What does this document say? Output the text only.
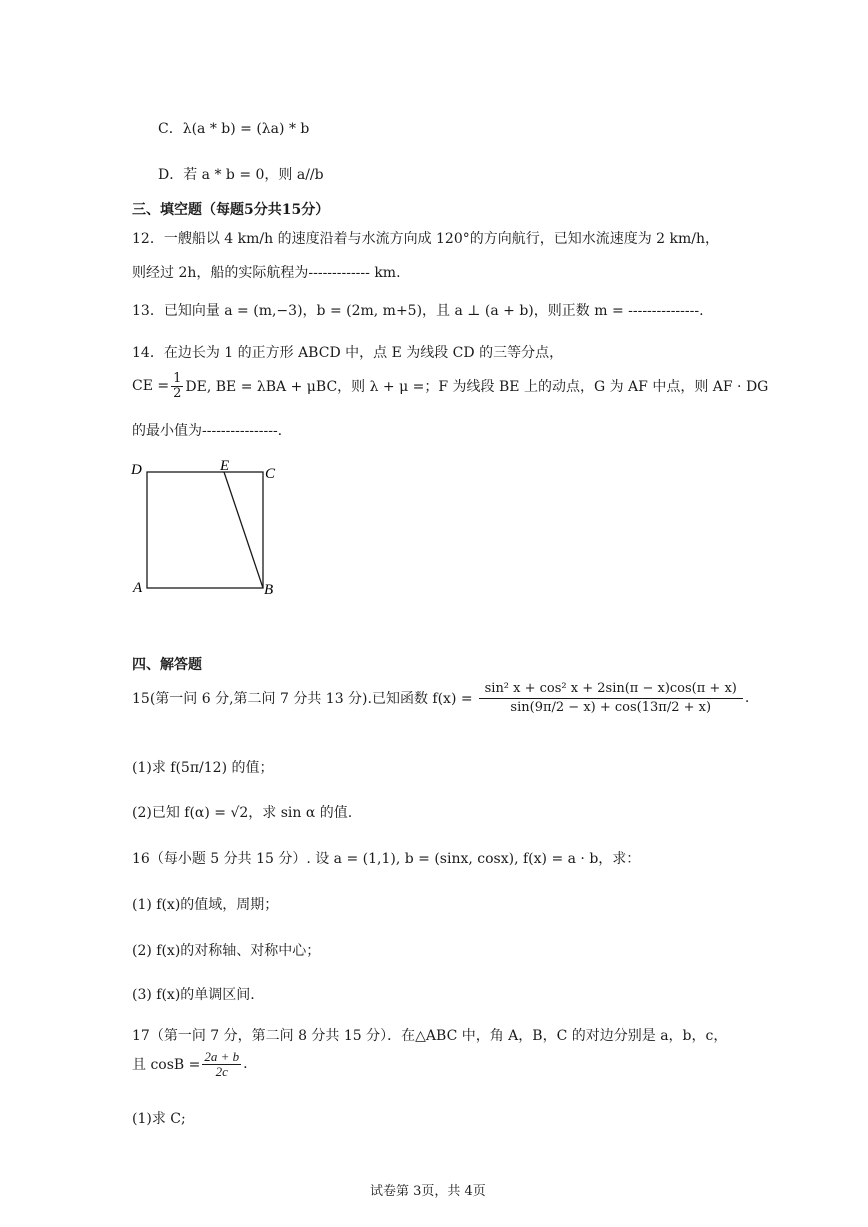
C．λ(a * b) = (λa) * b
D．若 a * b = 0，则 a//b
三、填空题（每题5分共15分）
12．一艘船以 4 km/h 的速度沿着与水流方向成 120°的方向航行，已知水流速度为 2 km/h，
则经过 2h，船的实际航程为------------- km.
13．已知向量 a = (m,−3)，b = (2m, m+5)，且 a ⊥ (a + b)，则正数 m = ---------------.
14．在边长为 1 的正方形 ABCD 中，点 E 为线段 CD 的三等分点，
CE = $\frac{1}{2}$ DE, BE = λBA + μBC，则 λ + μ =；F 为线段 BE 上的动点，G 为 AF 中点，则 AF · DG
的最小值为----------------.
D	E C
A	B
四、解答题
15(第一问 6 分,第二问 7 分共 13 分).已知函数 $f(x) = \frac{\text{sin² x + cos² x + 2sin(π − x)cos(π + x)}}{\sin(9\pi/2 - x) + \cos(13\pi/2 + x)}$ .
(1)求 f(5π/12) 的值；
(2)已知 f(α) = √2，求 sin α 的值.
16（每小题 5 分共 15 分）. 设 a = (1,1), b = (sinx, cosx), f(x) = a · b，求：
(1) f(x)的值域，周期；
(2) f(x)的对称轴、对称中心；
(3) f(x)的单调区间.
17（第一问 7 分，第二问 8 分共 15 分）．在△ABC 中，角 A，B，C 的对边分别是 a，b，c，
且 $\cos B = \frac{2a + b}{2c}$ .
(1)求 C;
试卷第 3页，共 4页
